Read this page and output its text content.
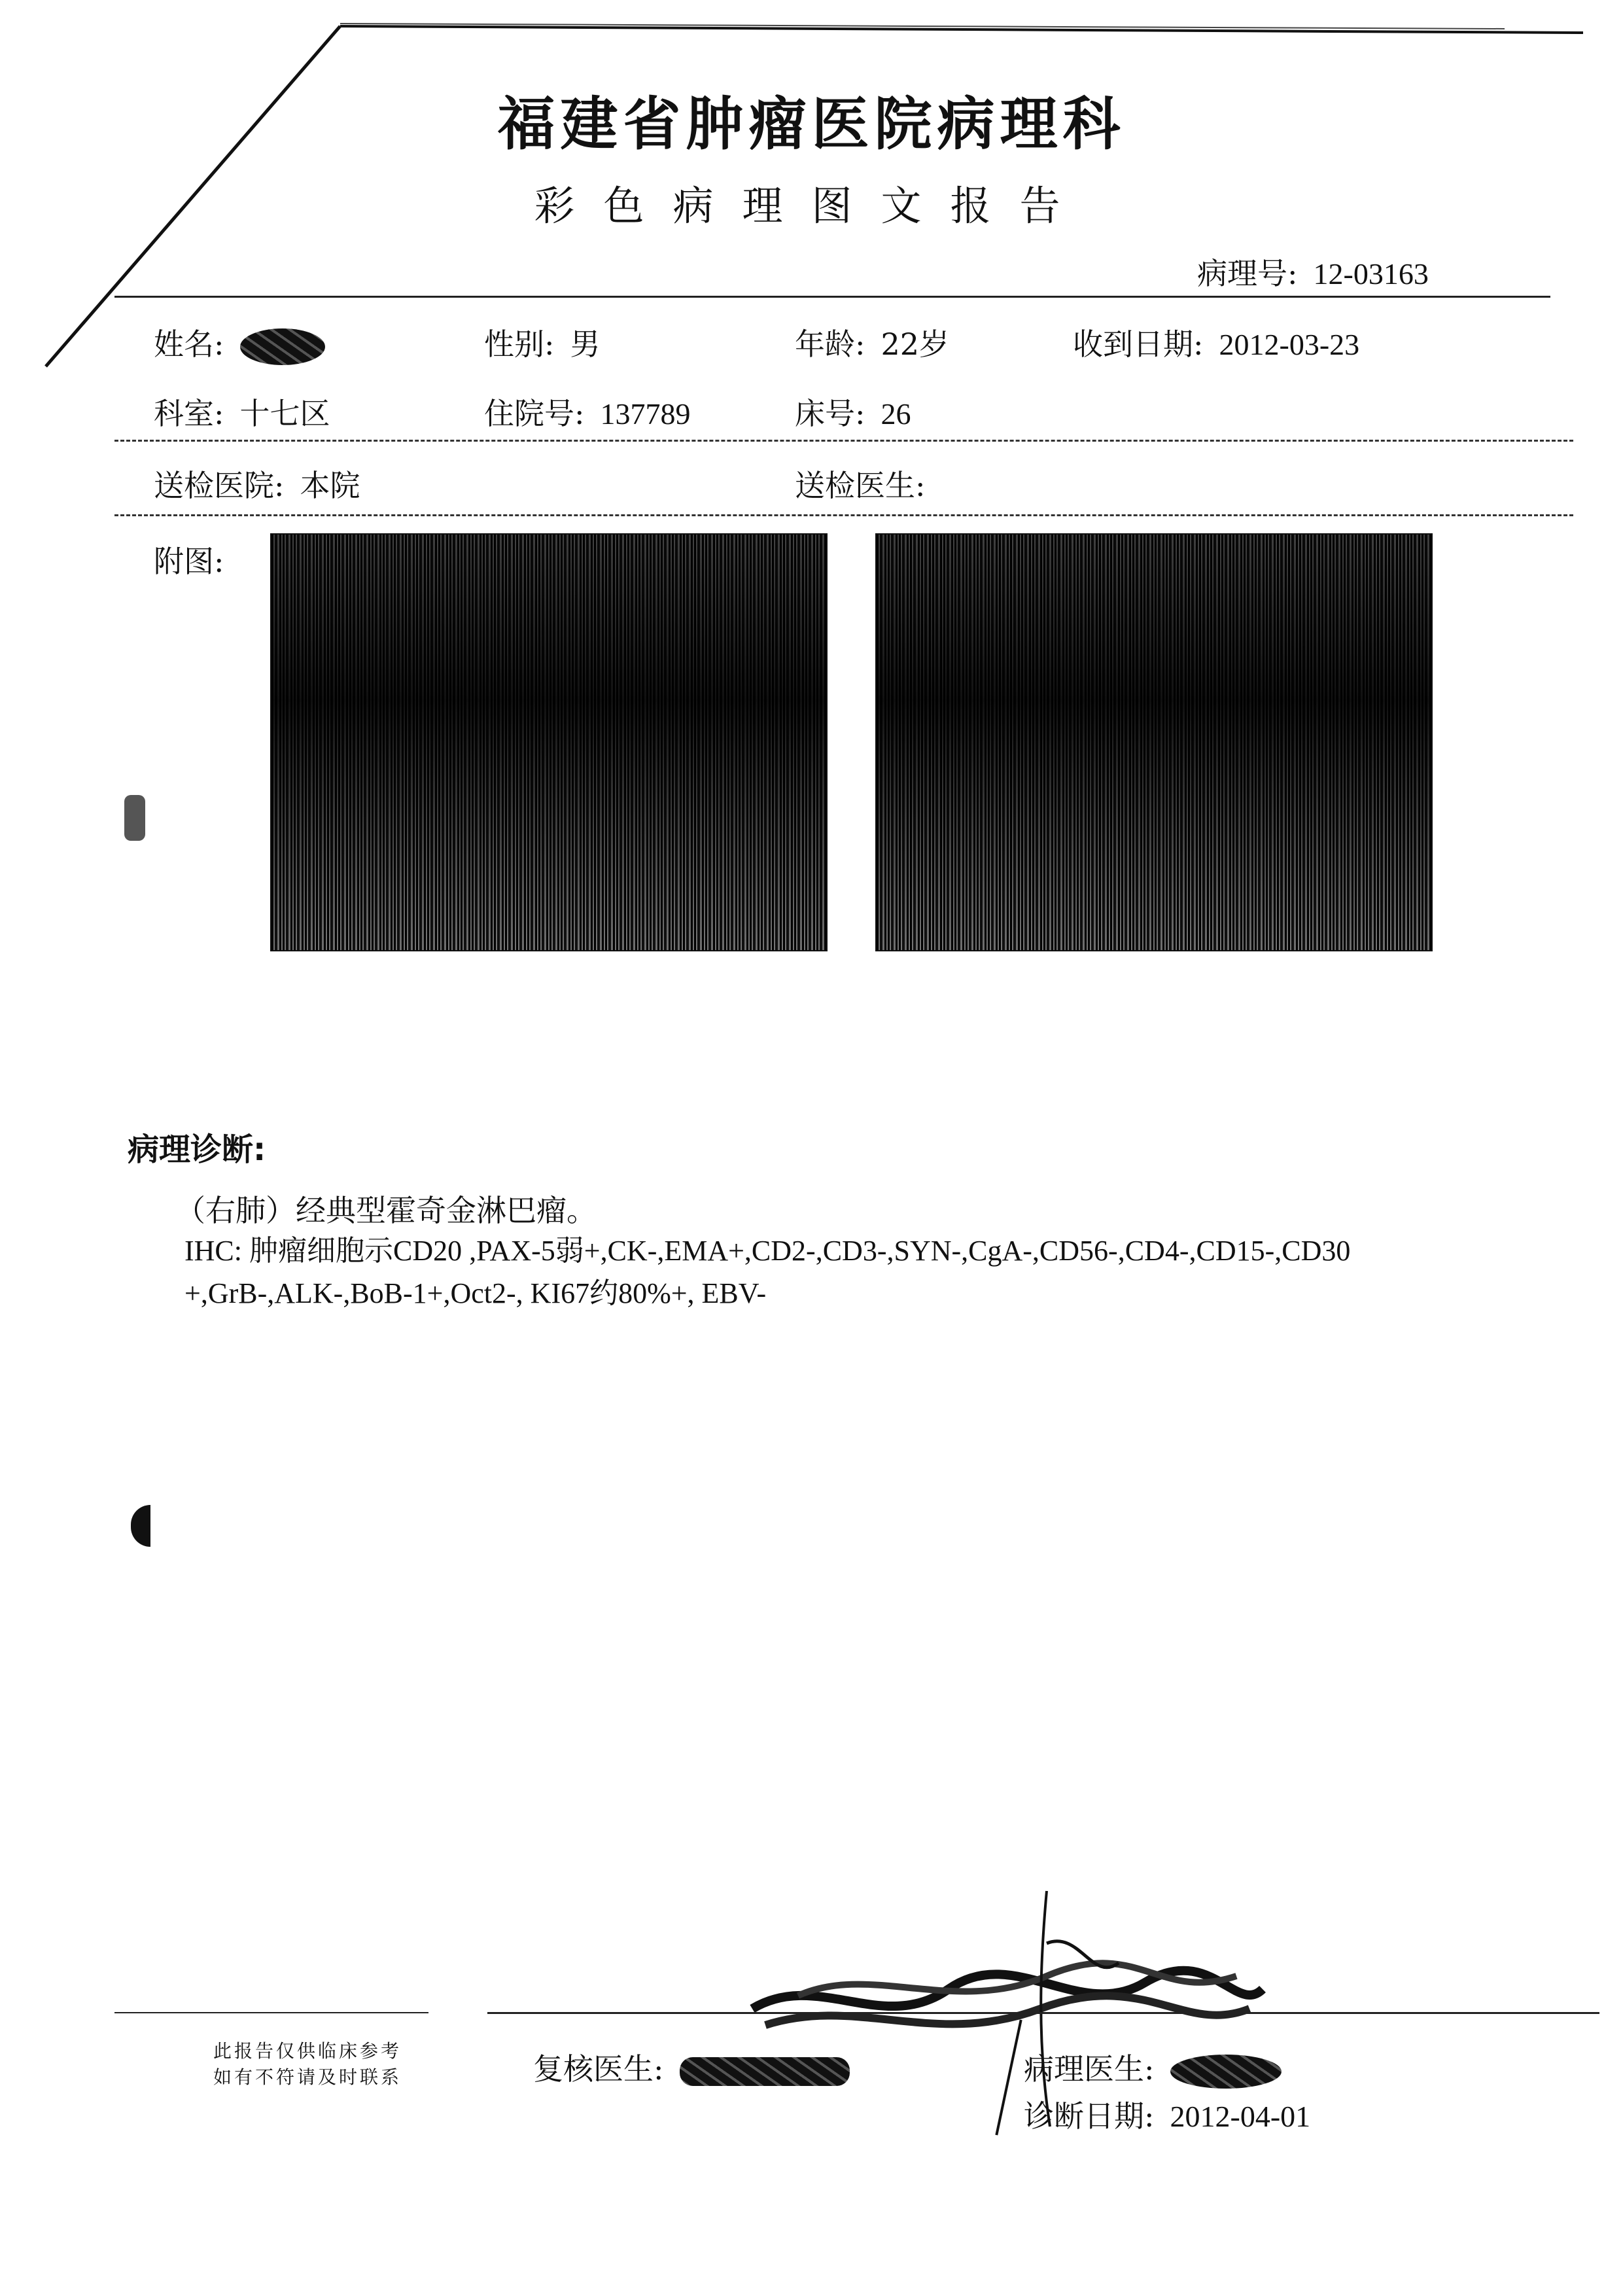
福建省肿瘤医院病理科
彩色病理图文报告
病理号: 12-03163
姓名:	性别: 男	年龄: 22岁	收到日期: 2012-03-23
科室: 十七区	住院号: 137789	床号: 26
送检医院: 本院	送检医生:
附图:
病理诊断:
（右肺）经典型霍奇金淋巴瘤。
IHC: 肿瘤细胞示CD20 ,PAX-5弱+,CK-,EMA+,CD2-,CD3-,SYN-,CgA-,CD56-,CD4-,CD15-,CD30
+,GrB-,ALK-,BoB-1+,Oct2-, KI67约80%+, EBV-
此报告仅供临床参考
如有不符请及时联系	复核医生:	病理医生:
诊断日期: 2012-04-01
